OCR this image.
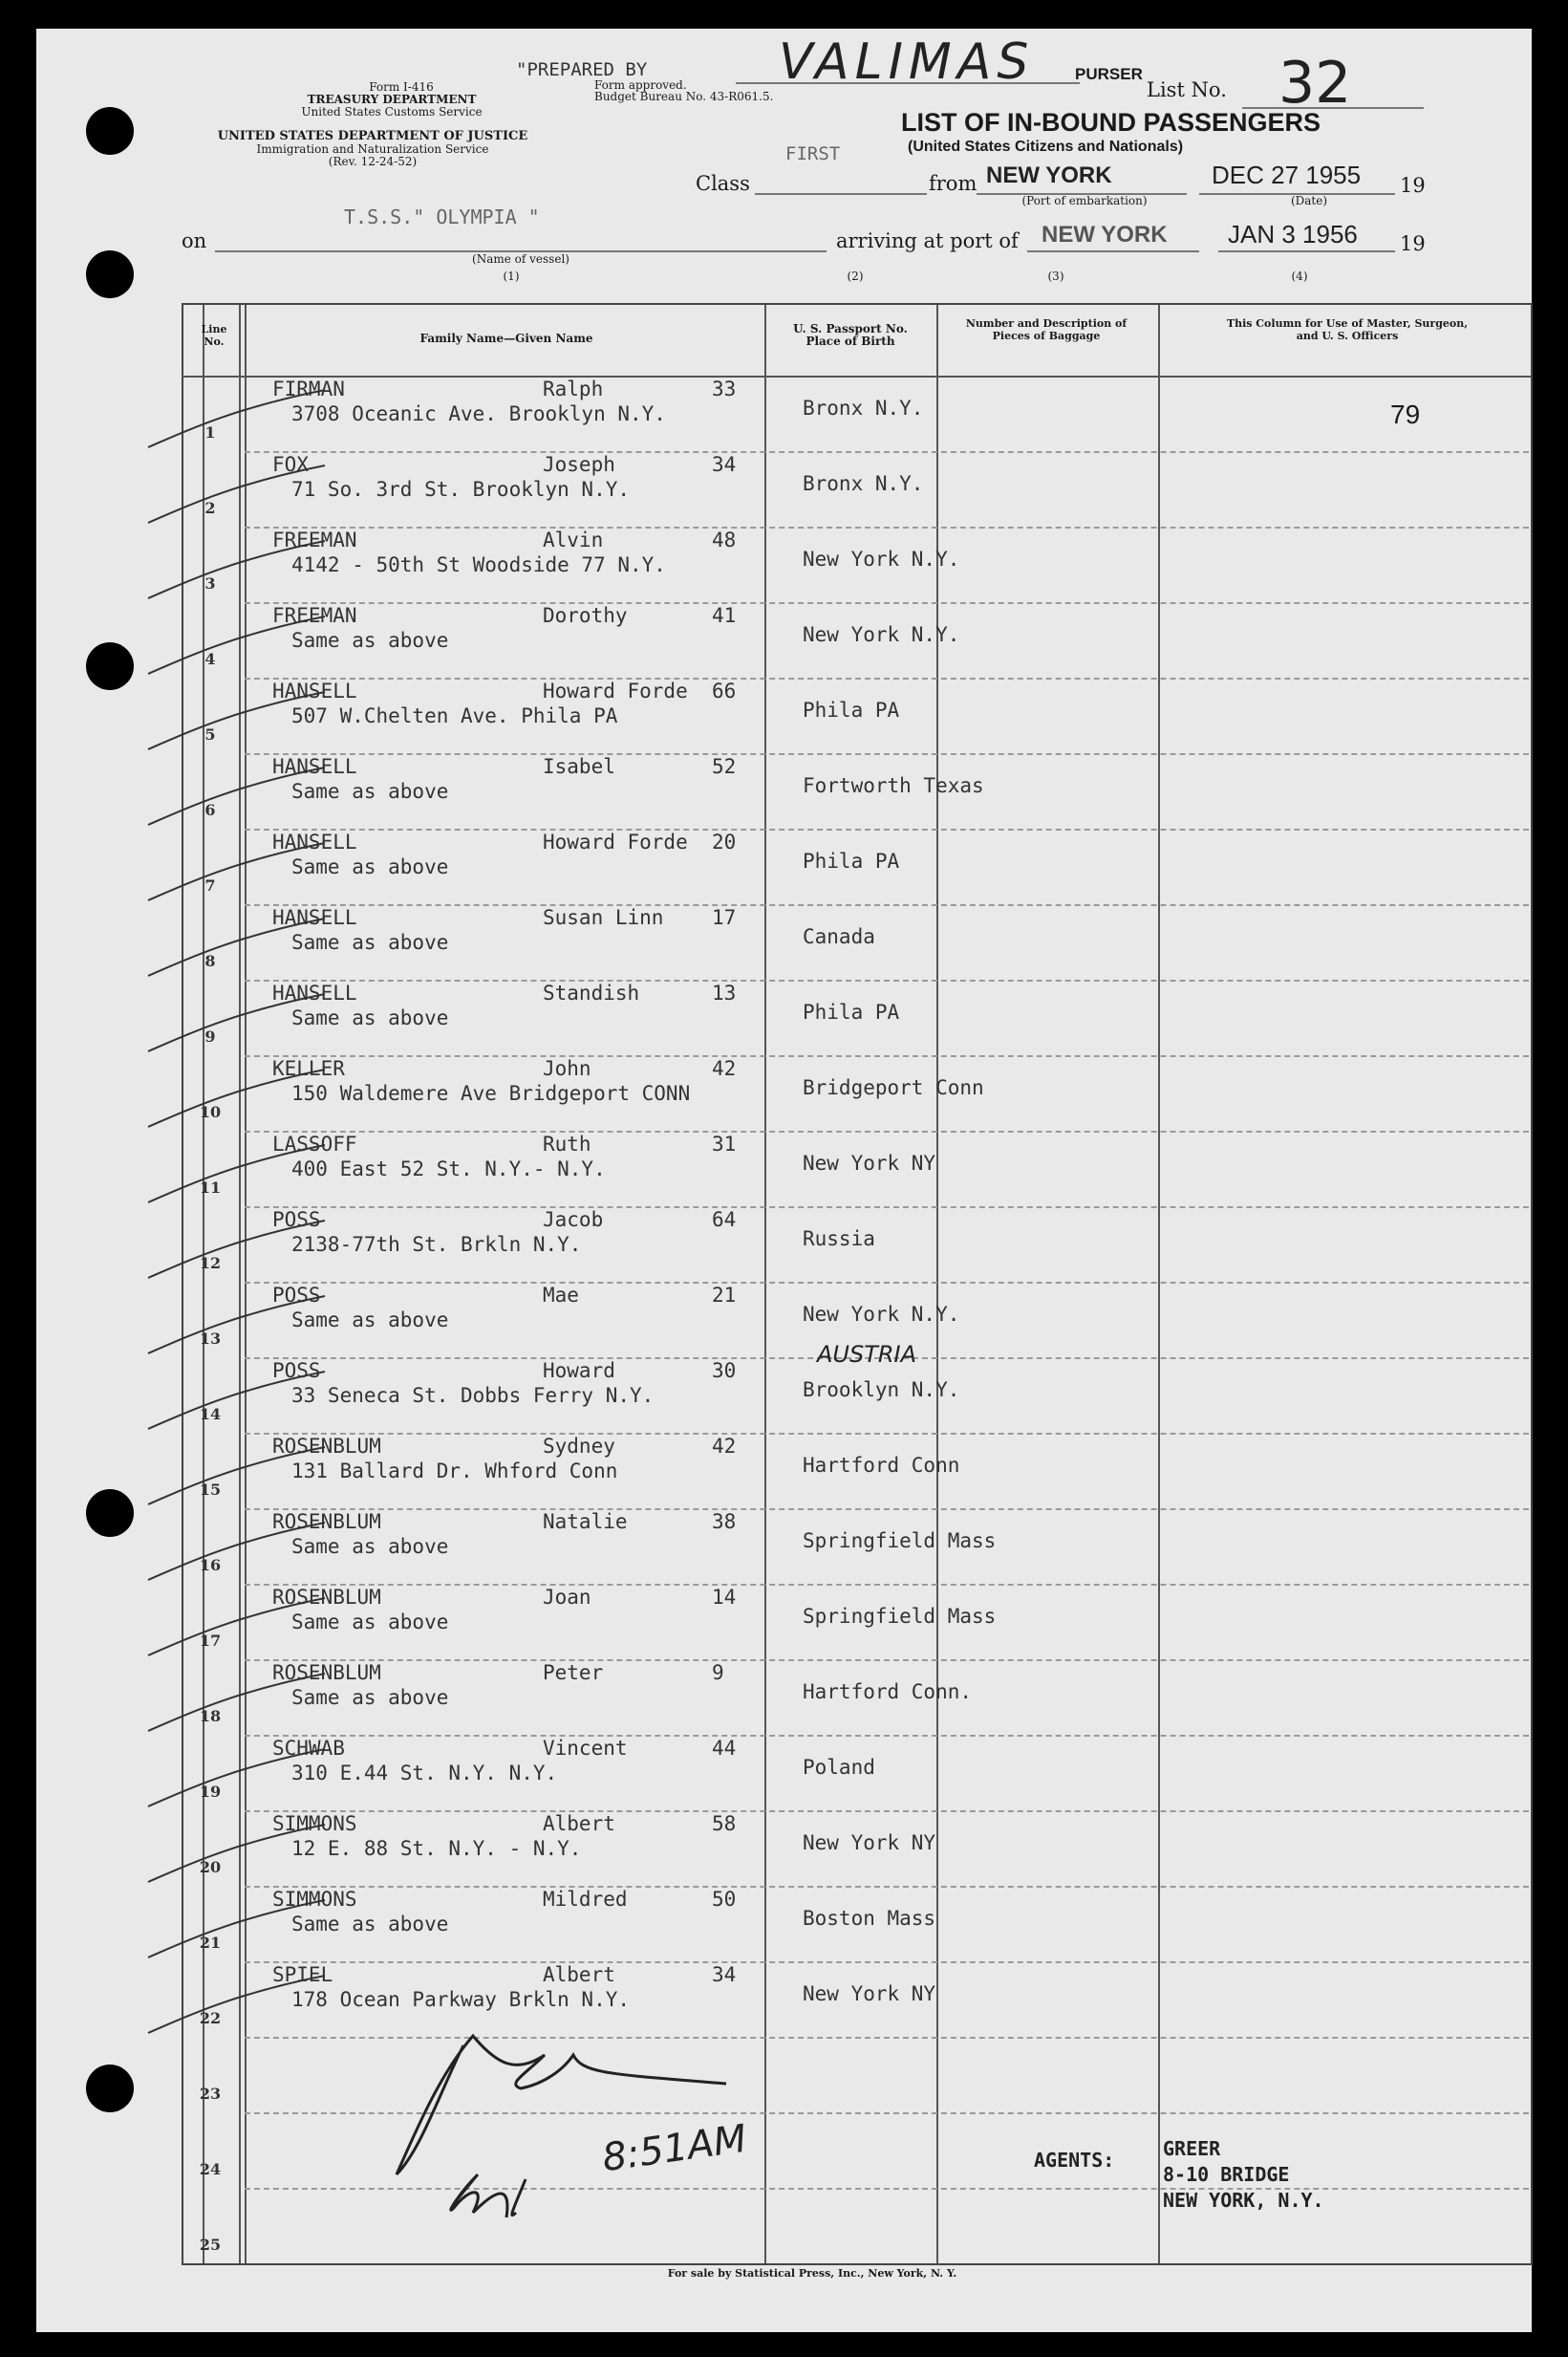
Form I-416
TREASURY DEPARTMENT
United States Customs Service
UNITED STATES DEPARTMENT OF JUSTICE
Immigration and Naturalization Service
(Rev. 12-24-52)
"PREPARED BY
Form approved.
Budget Bureau No. 43-R061.5.
VALIMAS	PURSER
List No. 32
LIST OF IN-BOUND PASSENGERS
(United States Citizens and Nationals)
Class
FIRST
from NEW YORK
(Port of embarkation)
DEC 27 1955
(Date)
19
on
T.S.S." OLYMPIA "
(Name of vessel)
(1)
arriving at port of NEW YORK JAN 3 1956 19
(2)	(3)	(4)
Line No.	Family Name—Given Name
U. S. Passport No. Place of Birth
Number and Description of Pieces of Baggage
This Column for Use of Master, Surgeon, and U. S. Officers
79
1
FIRMAN	Ralph	33
3708 Oceanic Ave. Brooklyn N.Y.	Bronx N.Y.
2
FOX	Joseph	34
71 So. 3rd St. Brooklyn N.Y.	Bronx N.Y.
3
FREEMAN	Alvin	48
4142 - 50th St Woodside 77 N.Y.	New York N.Y.
4
FREEMAN	Dorothy	41
Same as above	New York N.Y.
5
HANSELL	Howard Forde 66
507 W.Chelten Ave. Phila PA	Phila PA
6
HANSELL	Isabel	52
Same as above	Fortworth Texas
7
HANSELL	Howard Forde 20
Same as above	Phila PA
8
HANSELL	Susan Linn 17
Same as above	Canada
9
HANSELL	Standish	13
Same as above	Phila PA
10
KELLER	John	42
150 Waldemere Ave Bridgeport CONN	Bridgeport Conn
11
LASSOFF	Ruth	31
400 East 52 St. N.Y.- N.Y.	New York NY
12
POSS	Jacob	64
2138-77th St. Brkln N.Y.	Russia
13
POSS	Mae	21
Same as above	New York N.Y.
AUSTRIA
14
POSS	Howard	30
33 Seneca St. Dobbs Ferry N.Y.	Brooklyn N.Y.
15
ROSENBLUM	Sydney	42
131 Ballard Dr. Whford Conn	Hartford Conn
16
ROSENBLUM	Natalie	38
Same as above	Springfield Mass
17
ROSENBLUM	Joan	14
Same as above	Springfield Mass
18
ROSENBLUM	Peter	9
Same as above	Hartford Conn.
19
SCHWAB	Vincent	44
310 E.44 St. N.Y. N.Y.	Poland
20
SIMMONS	Albert	58
12 E. 88 St. N.Y. - N.Y.	New York NY
21
SIMMONS	Mildred	50
Same as above	Boston Mass
22
SPIEL	Albert	34
178 Ocean Parkway Brkln N.Y.	New York NY
23
24
25
AGENTS:	GREER
8-10 BRIDGE
NEW YORK, N.Y.
8:51AM
For sale by Statistical Press, Inc., New York, N. Y.
